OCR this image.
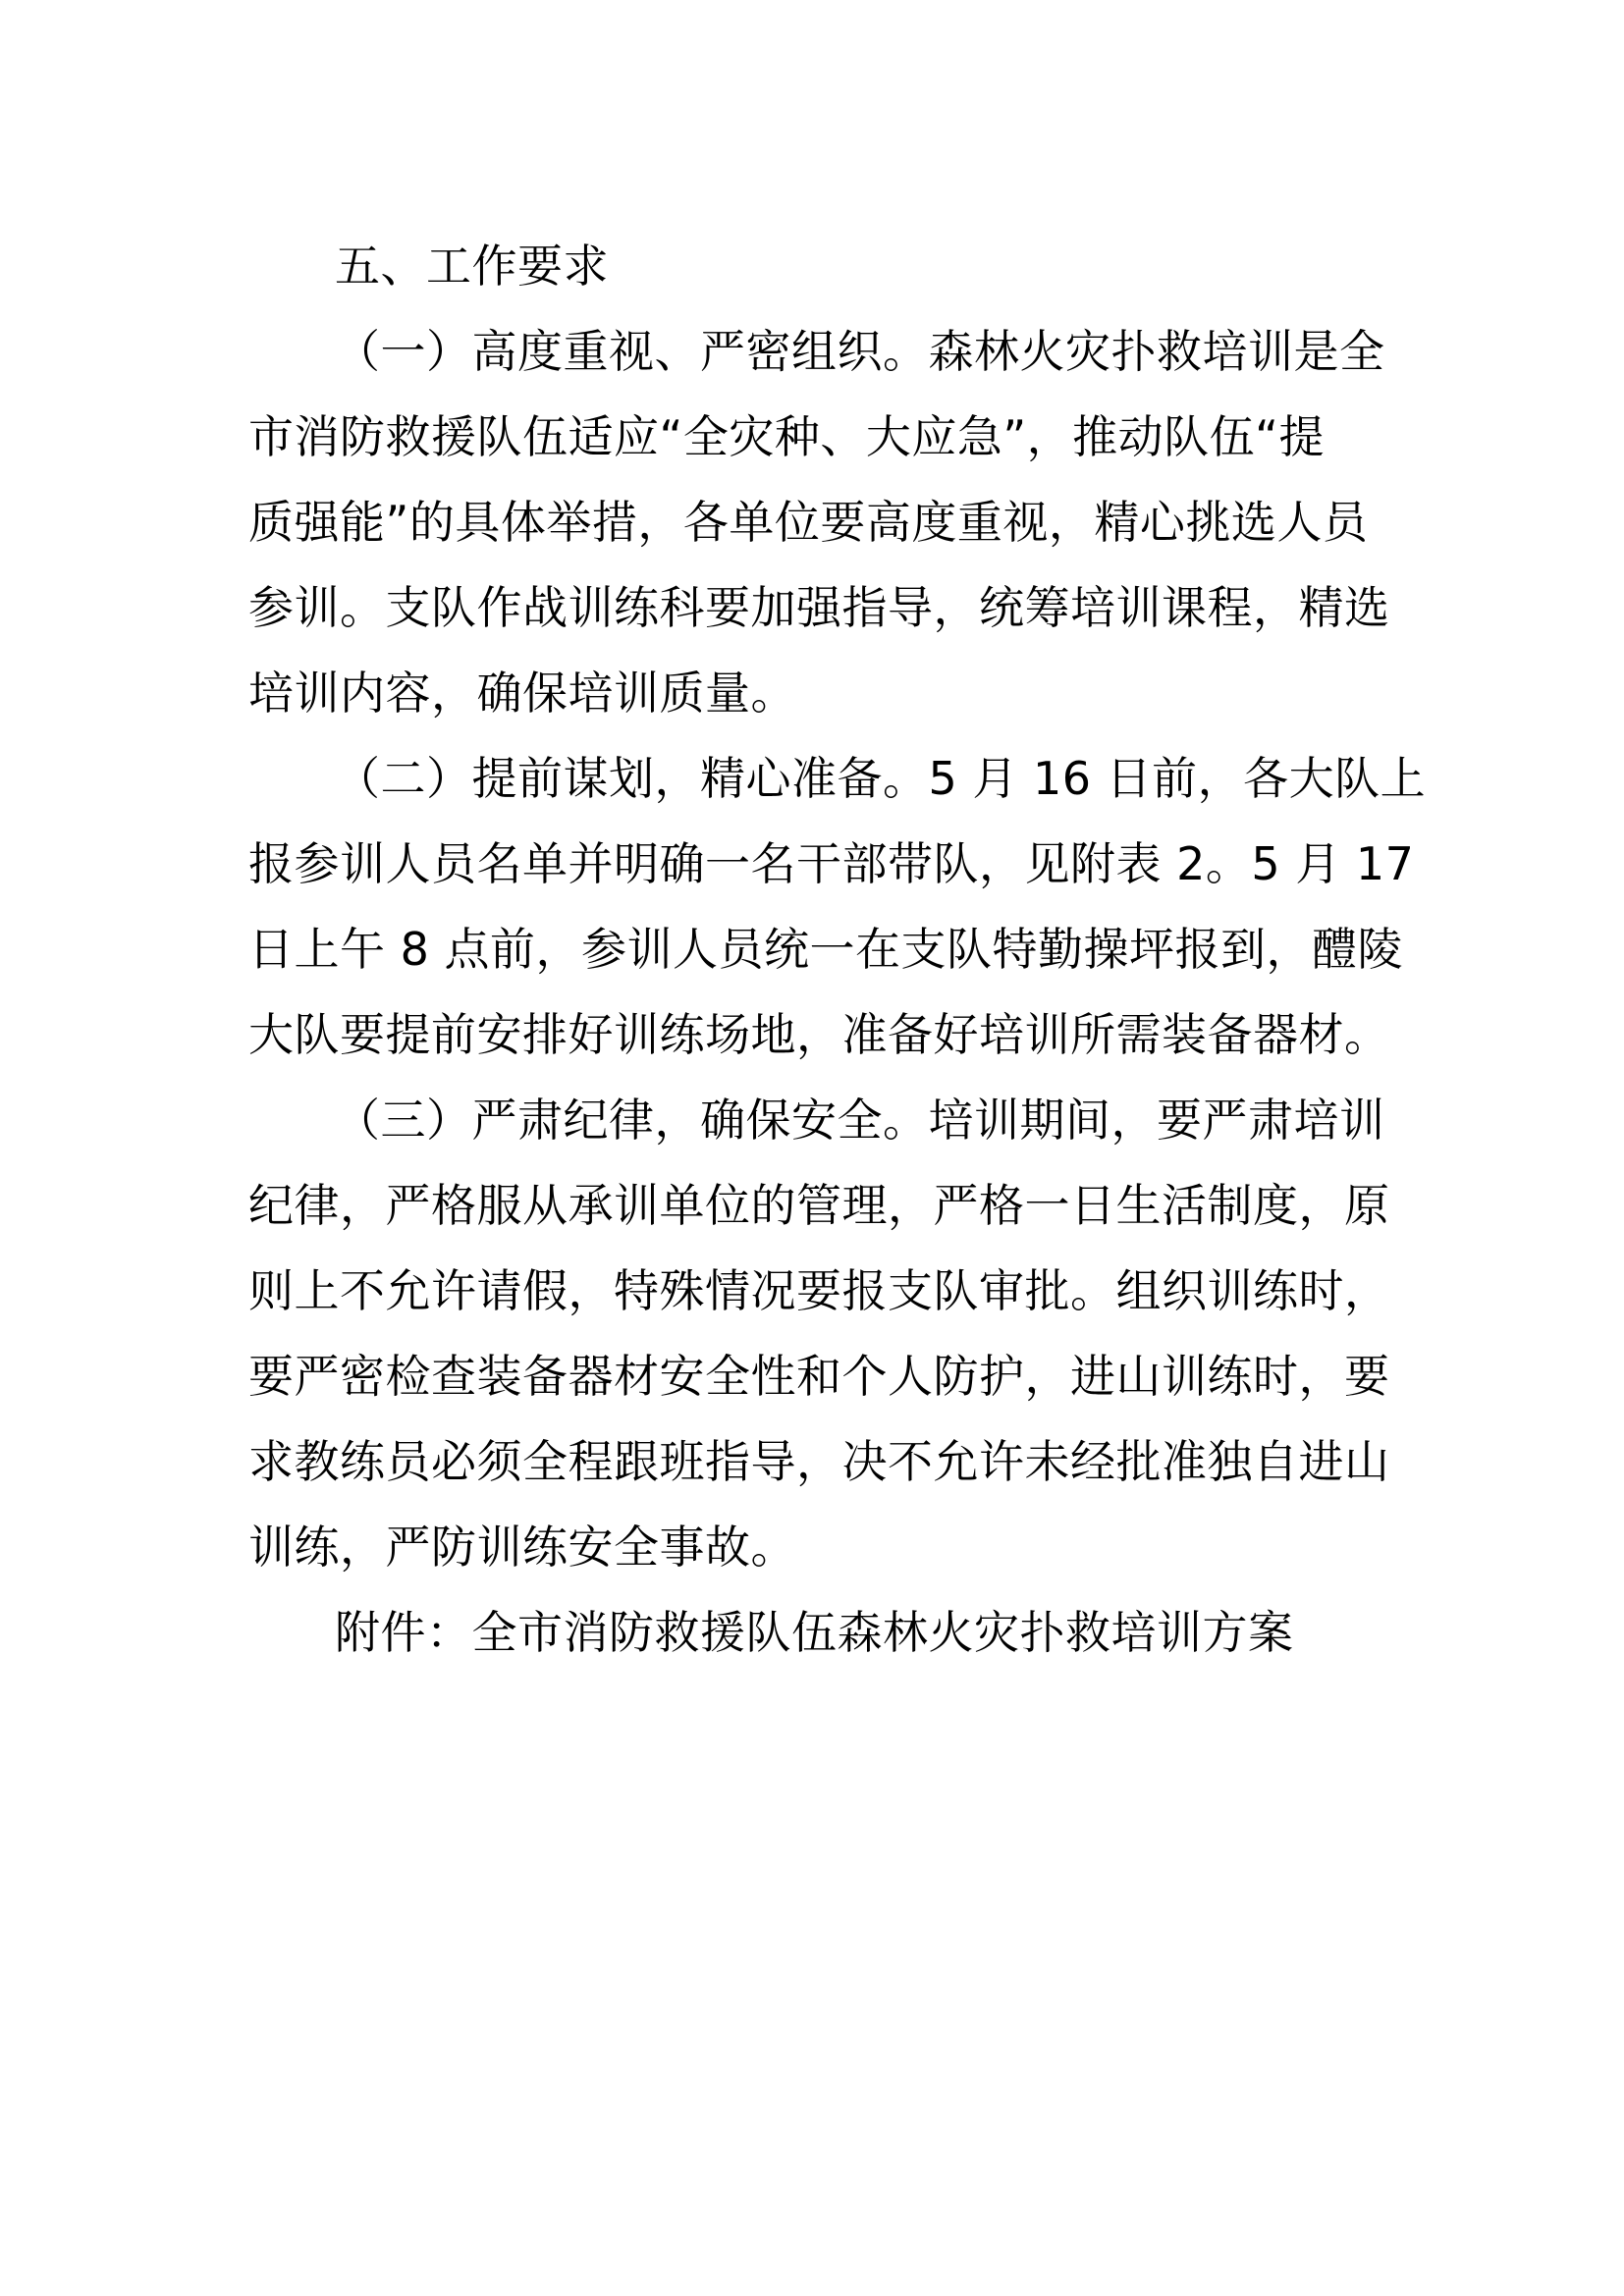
五、工作要求
（一）高度重视、严密组织。森林火灾扑救培训是全
市消防救援队伍适应“全灾种、大应急”，推动队伍“提
质强能”的具体举措，各单位要高度重视，精心挑选人员
参训。支队作战训练科要加强指导，统筹培训课程，精选
培训内容，确保培训质量。
（二）提前谋划，精心准备。5 月 16 日前，各大队上
报参训人员名单并明确一名干部带队，见附表 2。5 月 17
日上午 8 点前，参训人员统一在支队特勤操坪报到，醴陵
大队要提前安排好训练场地，准备好培训所需装备器材。
（三）严肃纪律，确保安全。培训期间，要严肃培训
纪律，严格服从承训单位的管理，严格一日生活制度，原
则上不允许请假，特殊情况要报支队审批。组织训练时，
要严密检查装备器材安全性和个人防护，进山训练时，要
求教练员必须全程跟班指导，决不允许未经批准独自进山
训练，严防训练安全事故。
附件：全市消防救援队伍森林火灾扑救培训方案
